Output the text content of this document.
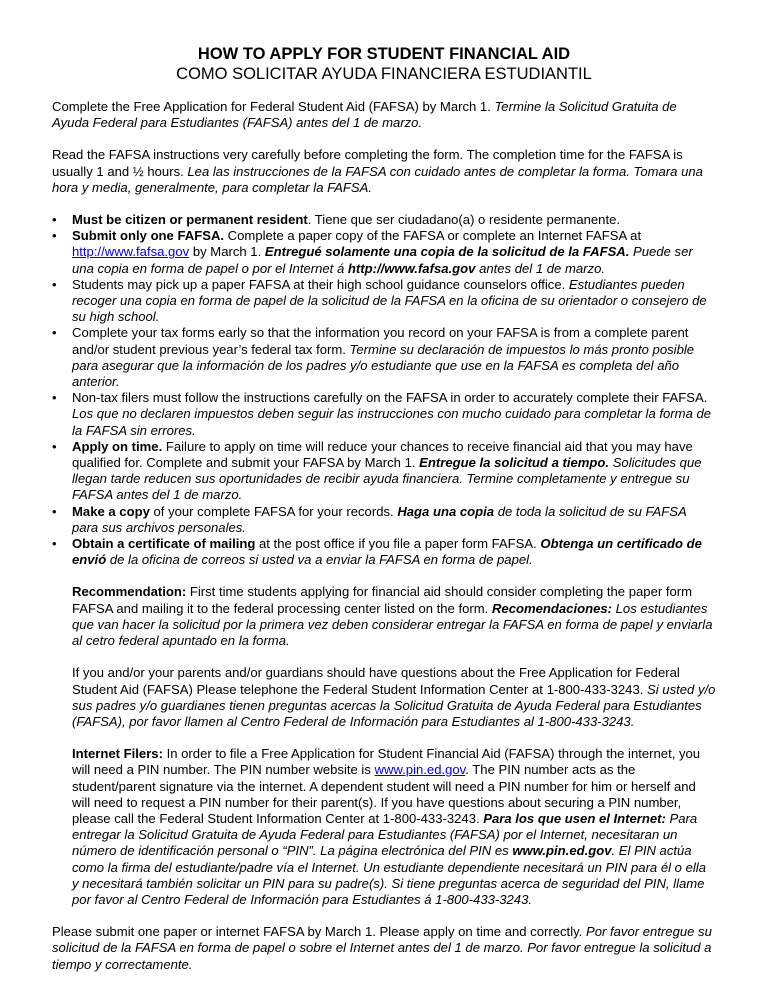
HOW TO APPLY FOR STUDENT FINANCIAL AID

COMO SOLICITAR AYUDA FINANCIERA ESTUDIANTIL

Complete the Free Application for Federal Student Aid (FAFSA) by March 1. Termine la Solicitud Gratuita de Ayuda Federal para Estudiantes (FAFSA) antes del 1 de marzo.

Read the FAFSA instructions very carefully before completing the form. The completion time for the FAFSA is usually 1 and ½ hours. Lea las instrucciones de la FAFSA con cuidado antes de completar la forma. Tomara una hora y media, generalmente, para completar la FAFSA.

• Must be citizen or permanent resident. Tiene que ser ciudadano(a) o residente permanente.
• Submit only one FAFSA. Complete a paper copy of the FAFSA or complete an Internet FAFSA at http://www.fafsa.gov by March 1. Entregué solamente una copia de la solicitud de la FAFSA. Puede ser una copia en forma de papel o por el Internet á http://www.fafsa.gov antes del 1 de marzo.
• Students may pick up a paper FAFSA at their high school guidance counselors office. Estudiantes pueden recoger una copia en forma de papel de la solicitud de la FAFSA en la oficina de su orientador o consejero de su high school.
• Complete your tax forms early so that the information you record on your FAFSA is from a complete parent and/or student previous year’s federal tax form. Termine su declaración de impuestos lo más pronto posible para asegurar que la información de los padres y/o estudiante que use en la FAFSA es completa del año anterior.
• Non-tax filers must follow the instructions carefully on the FAFSA in order to accurately complete their FAFSA. Los que no declaren impuestos deben seguir las instrucciones con mucho cuidado para completar la forma de la FAFSA sin errores.
• Apply on time. Failure to apply on time will reduce your chances to receive financial aid that you may have qualified for. Complete and submit your FAFSA by March 1. Entregue la solicitud a tiempo. Solicitudes que llegan tarde reducen sus oportunidades de recibir ayuda financiera. Termine completamente y entregue su FAFSA antes del 1 de marzo.
• Make a copy of your complete FAFSA for your records. Haga una copia de toda la solicitud de su FAFSA para sus archivos personales.
• Obtain a certificate of mailing at the post office if you file a paper form FAFSA. Obtenga un certificado de envió de la oficina de correos si usted va a enviar la FAFSA en forma de papel.

Recommendation: First time students applying for financial aid should consider completing the paper form FAFSA and mailing it to the federal processing center listed on the form. Recomendaciones: Los estudiantes que van hacer la solicitud por la primera vez deben considerar entregar la FAFSA en forma de papel y enviarla al cetro federal apuntado en la forma.

If you and/or your parents and/or guardians should have questions about the Free Application for Federal Student Aid (FAFSA) Please telephone the Federal Student Information Center at 1-800-433-3243. Si usted y/o sus padres y/o guardianes tienen preguntas acercas la Solicitud Gratuita de Ayuda Federal para Estudiantes (FAFSA), por favor llamen al Centro Federal de Información para Estudiantes al 1-800-433-3243.

Internet Filers: In order to file a Free Application for Student Financial Aid (FAFSA) through the internet, you will need a PIN number. The PIN number website is www.pin.ed.gov. The PIN number acts as the student/parent signature via the internet. A dependent student will need a PIN number for him or herself and will need to request a PIN number for their parent(s). If you have questions about securing a PIN number, please call the Federal Student Information Center at 1-800-433-3243. Para los que usen el Internet: Para entregar la Solicitud Gratuita de Ayuda Federal para Estudiantes (FAFSA) por el Internet, necesitaran un número de identificación personal o “PIN”. La página electrónica del PIN es www.pin.ed.gov. El PIN actúa como la firma del estudiante/padre vía el Internet. Un estudiante dependiente necesitará un PIN para él o ella y necesitará también solicitar un PIN para su padre(s). Si tiene preguntas acerca de seguridad del PIN, llame por favor al Centro Federal de Información para Estudiantes á 1-800-433-3243.

Please submit one paper or internet FAFSA by March 1. Please apply on time and correctly. Por favor entregue su solicitud de la FAFSA en forma de papel o sobre el Internet antes del 1 de marzo. Por favor entregue la solicitud a tiempo y correctamente.
